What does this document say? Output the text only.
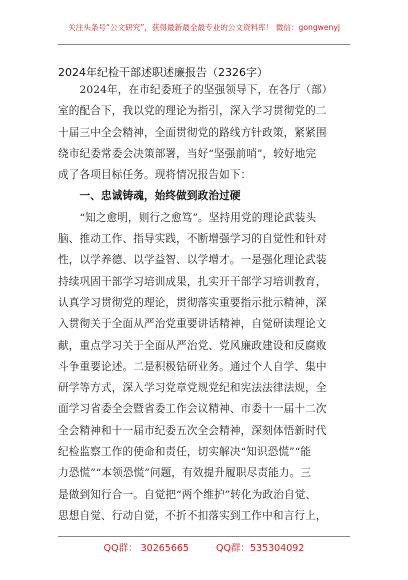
关注头条号“公文研究”，获得最新最全最专业的公文资料库！ 微信：gongwenyj
2024年纪检干部述职述廉报告（2326字）
　　2024年，在市纪委班子的坚强领导下，在各厅（部）
室的配合下，我以党的理论为指引，深入学习贯彻党的二
十届三中全会精神，全面贯彻党的路线方针政策，紧紧围
绕市纪委常委会决策部署，当好“坚强前哨”，较好地完
成了各项目标任务。现将情况报告如下：
　　一、忠诚铸魂，始终做到政治过硬
　　“知之愈明，则行之愈笃”。坚持用党的理论武装头
脑、推动工作、指导实践，不断增强学习的自觉性和针对
性，以学养德、以学益智、以学增才。一是强化理论武装
持续巩固干部学习培训成果，扎实开干部学习培训教育，
认真学习贯彻党的理论，贯彻落实重要指示批示精神，深
入贯彻关于全面从严治党重要讲话精神，自觉研读理论文
献，重点学习关于全面从严治党、党风廉政建设和反腐败
斗争重要论述。二是积极钻研业务。通过个人自学、集中
研学等方式，深入学习党章党规党纪和宪法法律法规，全
面学习省委全会暨省委工作会议精神、市委十一届十二次
全会精神和十一届市纪委五次全会精神，深刻体悟新时代
纪检监察工作的使命和责任，切实解决“知识恐慌”“能
力恐慌”“本领恐慌”问题，有效提升履职尽责能力。三
是做到知行合一。自觉把“两个维护”转化为政治自觉、
思想自觉、行动自觉，不折不扣落实到工作中和言行上，
QQ群： 30265665	QQ群：535304092
